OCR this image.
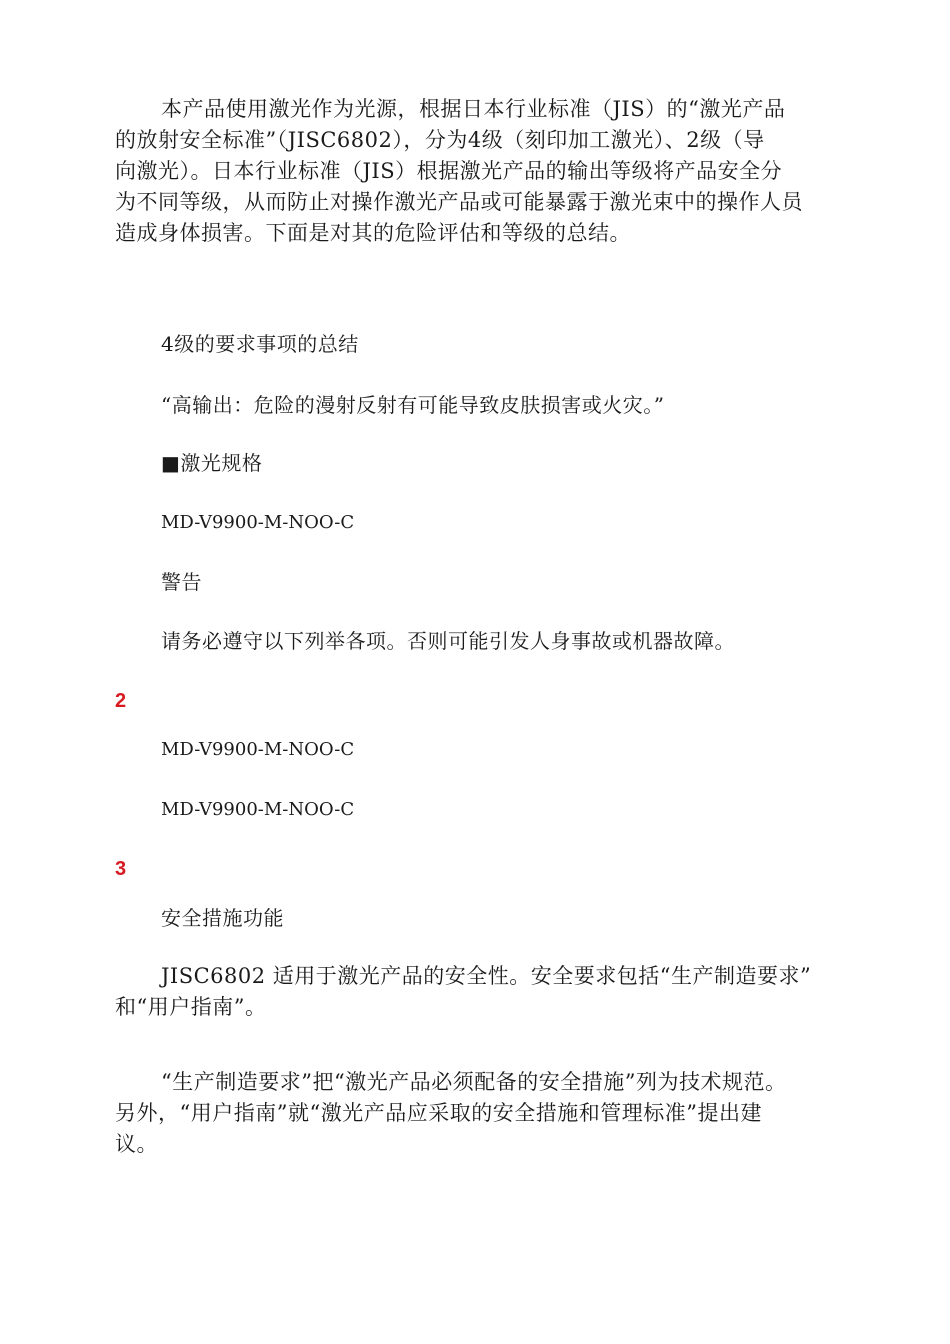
本产品使用激光作为光源，根据日本行业标准（JIS）的“激光产品
的放射安全标准”（JISC6802），分为4级（刻印加工激光）、2级（导
向激光）。日本行业标准（JIS）根据激光产品的输出等级将产品安全分
为不同等级，从而防止对操作激光产品或可能暴露于激光束中的操作人员
造成身体损害。下面是对其的危险评估和等级的总结。

4级的要求事项的总结

“高输出：危险的漫射反射有可能导致皮肤损害或火灾。”

■激光规格

MD-V9900-M-NOO-C

警告

请务必遵守以下列举各项。否则可能引发人身事故或机器故障。

2

MD-V9900-M-NOO-C

MD-V9900-M-NOO-C

3

安全措施功能

JISC6802 适用于激光产品的安全性。安全要求包括“生产制造要求”
和“用户指南”。
“生产制造要求”把“激光产品必须配备的安全措施”列为技术规范。
另外，“用户指南”就“激光产品应采取的安全措施和管理标准”提出建
议。
